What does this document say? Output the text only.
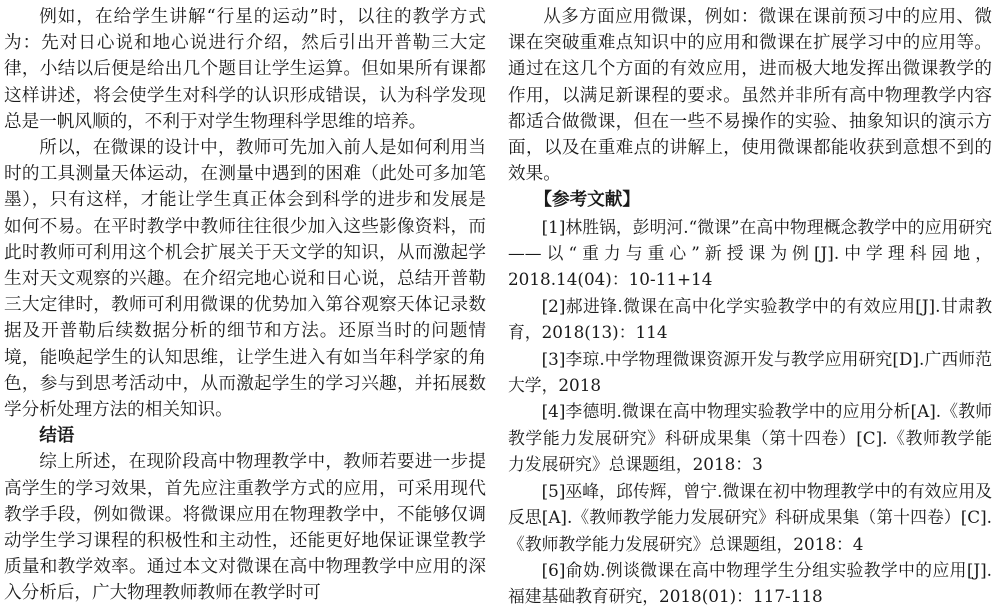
例如，在给学生讲解“行星的运动”时，以往的教学方式为：先对日心说和地心说进行介绍，然后引出开普勒三大定律，小结以后便是给出几个题目让学生运算。但如果所有课都这样讲述，将会使学生对科学的认识形成错误，认为科学发现总是一帆风顺的，不利于对学生物理科学思维的培养。

所以，在微课的设计中，教师可先加入前人是如何利用当时的工具测量天体运动，在测量中遇到的困难（此处可多加笔墨），只有这样，才能让学生真正体会到科学的进步和发展是如何不易。在平时教学中教师往往很少加入这些影像资料，而此时教师可利用这个机会扩展关于天文学的知识，从而激起学生对天文观察的兴趣。在介绍完地心说和日心说，总结开普勒三大定律时，教师可利用微课的优势加入第谷观察天体记录数据及开普勒后续数据分析的细节和方法。还原当时的问题情境，能唤起学生的认知思维，让学生进入有如当年科学家的角色，参与到思考活动中，从而激起学生的学习兴趣，并拓展数学分析处理方法的相关知识。

结语

综上所述，在现阶段高中物理教学中，教师若要进一步提高学生的学习效果，首先应注重教学方式的应用，可采用现代教学手段，例如微课。将微课应用在物理教学中，不能够仅调动学生学习课程的积极性和主动性，还能更好地保证课堂教学质量和教学效率。通过本文对微课在高中物理教学中应用的深入分析后，广大物理教师教师在教学时可

从多方面应用微课，例如：微课在课前预习中的应用、微课在突破重难点知识中的应用和微课在扩展学习中的应用等。通过在这几个方面的有效应用，进而极大地发挥出微课教学的作用，以满足新课程的要求。虽然并非所有高中物理教学内容都适合做微课，但在一些不易操作的实验、抽象知识的演示方面，以及在重难点的讲解上，使用微课都能收获到意想不到的效果。

【参考文献】

[1]林胜锅，彭明河.“微课”在高中物理概念教学中的应用研究——以“重力与重心”新授课为例[J].中学理科园地，2018.14(04)：10-11+14

[2]郝进锋.微课在高中化学实验教学中的有效应用[J].甘肃教育，2018(13)：114

[3]李琼.中学物理微课资源开发与教学应用研究[D].广西师范大学，2018

[4]李德明.微课在高中物理实验教学中的应用分析[A].《教师教学能力发展研究》科研成果集（第十四卷）[C].《教师教学能力发展研究》总课题组，2018：3

[5]巫峰，邱传辉，曾宁.微课在初中物理教学中的有效应用及反思[A].《教师教学能力发展研究》科研成果集（第十四卷）[C].《教师教学能力发展研究》总课题组，2018：4

[6]俞妫.例谈微课在高中物理学生分组实验教学中的应用[J].福建基础教育研究，2018(01)：117-118
